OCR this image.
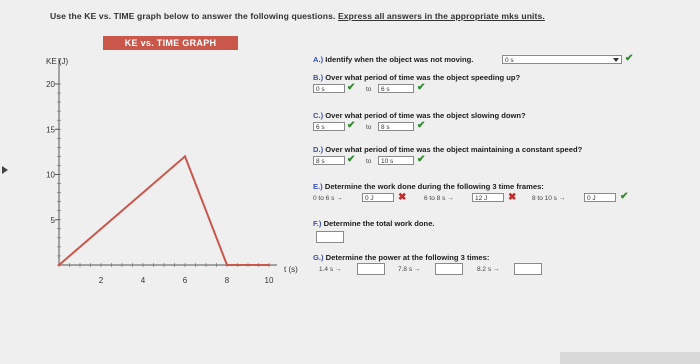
Use the KE vs. TIME graph below to answer the following questions. Express all answers in the appropriate mks units.
KE vs. TIME GRAPH
5
10
15
20
2	4	6	8	10
KE (J)
t (s)
A.) Identify when the object was not moving.	0 s	✔
B.) Over what period of time was the object speeding up?
0 s	✔ to	6 s	✔
C.) Over what period of time was the object slowing down?
6 s	✔ to	8 s	✔
D.) Over what period of time was the object maintaining a constant speed?
8 s	✔ to	10 s	✔
E.) Determine the work done during the following 3 time frames:
0 to 6 s →	0 J	✖	6 to 8 s →	12 J	✖ 8 to 10 s →	0 J	✔
F.) Determine the total work done.
G.) Determine the power at the following 3 times:
1.4 s →	7.8 s →	8.2 s →
